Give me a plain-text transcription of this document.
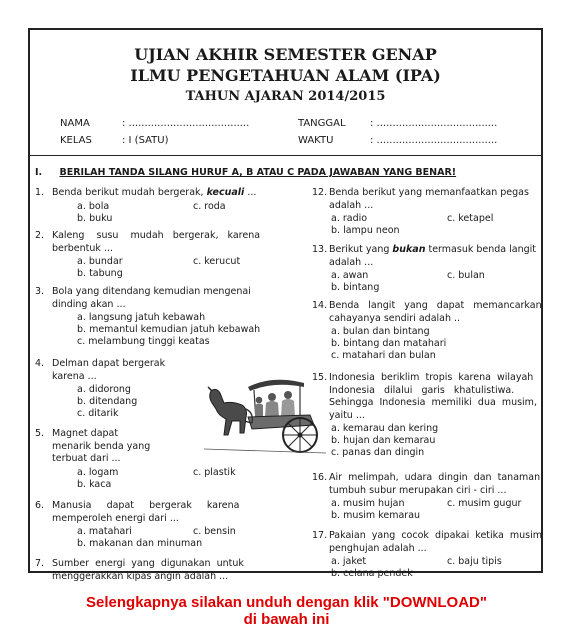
UJIAN AKHIR SEMESTER GENAP
ILMU PENGETAHUAN ALAM (IPA)
TAHUN AJARAN 2014/2015
NAMA	: ......................................	TANGGAL : ......................................
KELAS	: I (SATU)	WAKTU	: ......................................
I. BERILAH TANDA SILANG HURUF A, B ATAU C PADA JAWABAN YANG BENAR!
1. Benda berikut mudah bergerak, kecuali ...
a. bola	c. roda
b. buku
2. Kaleng    susu    mudah   bergerak,   karena
berbentuk ...
a. bundar	c. kerucut
b. tabung
3. Bola yang ditendang kemudian mengenai
dinding akan ...
a. langsung jatuh kebawah
b. memantul kemudian jatuh kebawah
c. melambung tinggi keatas
4. Delman dapat bergerak
karena ...
a. didorong
b. ditendang
c. ditarik
5. Magnet dapat
menarik benda yang
terbuat dari ...
a. logam	c. plastik
b. kaca
6. Manusia     dapat     bergerak     karena
memperoleh energi dari ...
a. matahari	c. bensin
b. makanan dan minuman
7. Sumber  energi  yang  digunakan  untuk
menggerakkan kipas angin adalah ...
12. Benda berikut yang memanfaatkan pegas
adalah ...
a. radio	c. ketapel
b. lampu neon
13. Berikut yang bukan termasuk benda langit
adalah ...
a. awan	c. bulan
b. bintang
14. Benda   langit   yang   dapat   memancarkan
cahayanya sendiri adalah ..
a. bulan dan bintang
b. bintang dan matahari
c. matahari dan bulan
15. Indonesia  beriklim  tropis  karena  wilayah
Indonesia   dilalui   garis   khatulistiwa.
Sehingga  Indonesia  memiliki  dua  musim,
yaitu ...
a. kemarau dan kering
b. hujan dan kemarau
c. panas dan dingin
16. Air  melimpah,  udara  dingin  dan  tanaman
tumbuh subur merupakan ciri - ciri ...
a. musim hujan	c. musim gugur
b. musim kemarau
17. Pakaian  yang  cocok  dipakai  ketika  musim
penghujan adalah ...
a. jaket	c. baju tipis
b. celana pendek
Selengkapnya silakan unduh dengan klik "DOWNLOAD"
di bawah ini
